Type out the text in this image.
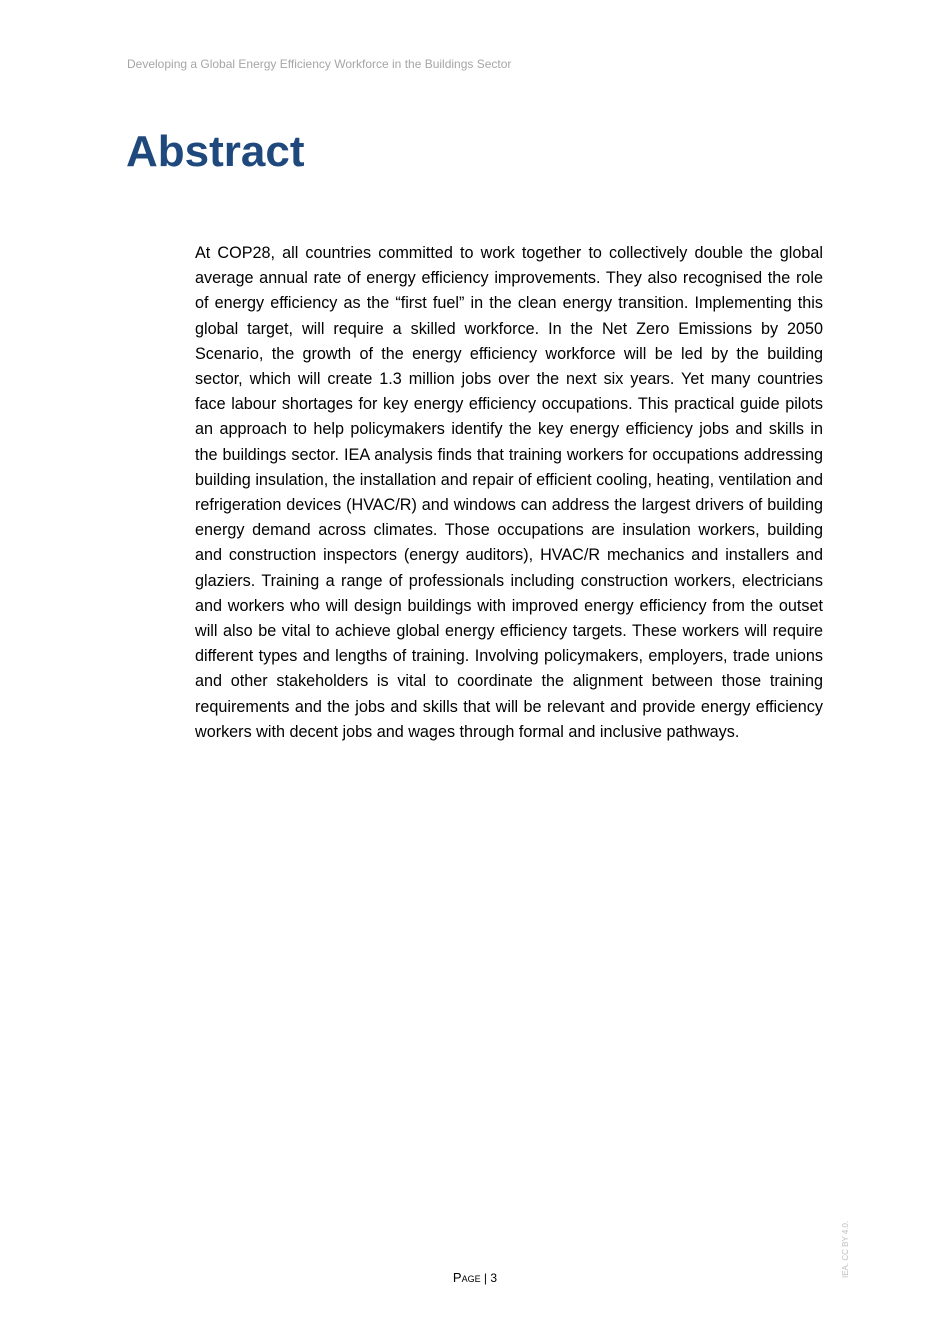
Developing a Global Energy Efficiency Workforce in the Buildings Sector
Abstract

At COP28, all countries committed to work together to collectively double the global average annual rate of energy efficiency improvements. They also recognised the role of energy efficiency as the “first fuel” in the clean energy transition. Implementing this global target, will require a skilled workforce. In the Net Zero Emissions by 2050 Scenario, the growth of the energy efficiency workforce will be led by the building sector, which will create 1.3 million jobs over the next six years. Yet many countries face labour shortages for key energy efficiency occupations. This practical guide pilots an approach to help policymakers identify the key energy efficiency jobs and skills in the buildings sector. IEA analysis finds that training workers for occupations addressing building insulation, the installation and repair of efficient cooling, heating, ventilation and refrigeration devices (HVAC/R) and windows can address the largest drivers of building energy demand across climates. Those occupations are insulation workers, building and construction inspectors (energy auditors), HVAC/R mechanics and installers and glaziers. Training a range of professionals including construction workers, electricians and workers who will design buildings with improved energy efficiency from the outset will also be vital to achieve global energy efficiency targets. These workers will require different types and lengths of training. Involving policymakers, employers, trade unions and other stakeholders is vital to coordinate the alignment between those training requirements and the jobs and skills that will be relevant and provide energy efficiency workers with decent jobs and wages through formal and inclusive pathways.

Page | 3	IEA. CC BY 4.0.
